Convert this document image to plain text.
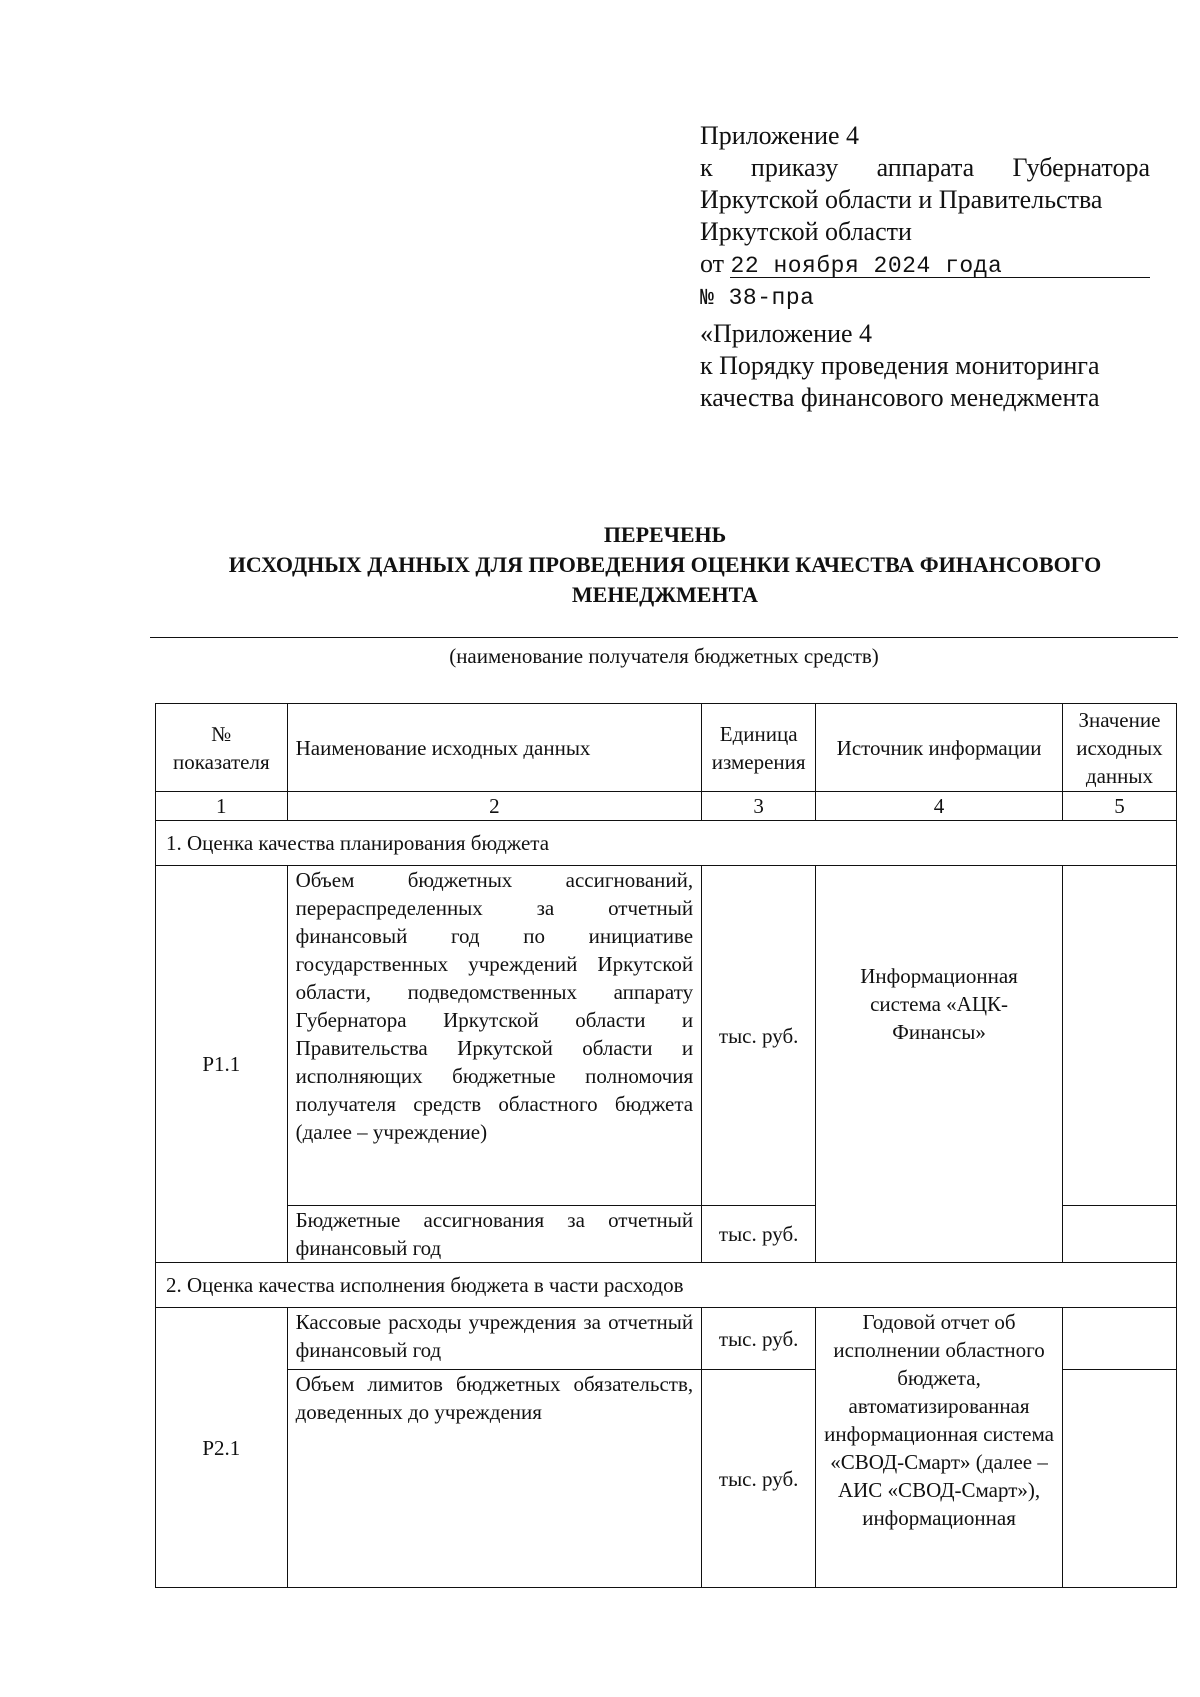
Приложение 4
к приказу аппарата Губернатора
Иркутской области и Правительства
Иркутской области
от 22 ноября 2024 года
№ 38-пра
«Приложение 4
к Порядку проведения мониторинга
качества финансового менеджмента
ПЕРЕЧЕНЬ
ИСХОДНЫХ ДАННЫХ ДЛЯ ПРОВЕДЕНИЯ ОЦЕНКИ КАЧЕСТВА ФИНАНСОВОГО
МЕНЕДЖМЕНТА
(наименование получателя бюджетных средств)
№ показателя	Наименование исходных данных	Единица измерения	Источник информации	Значение исходных данных
1	2	3	4	5
1. Оценка качества планирования бюджета				
P1.1	Объем бюджетных ассигнований, перераспределенных за отчетный финансовый год по инициативе государственных учреждений Иркутской области, подведомственных аппарату Губернатора Иркутской области и Правительства Иркутской области и исполняющих бюджетные полномочия получателя средств областного бюджета (далее – учреждение)	тыс. руб.	Информационная система «АЦК-Финансы»	
	Бюджетные ассигнования за отчетный финансовый год	тыс. руб.		
2. Оценка качества исполнения бюджета в части расходов				
P2.1	Кассовые расходы учреждения за отчетный финансовый год	тыс. руб.	Годовой отчет об исполнении областного бюджета, автоматизированная информационная система «СВОД-Смарт» (далее – АИС «СВОД-Смарт»), информационная	
	Объем лимитов бюджетных обязательств, доведенных до учреждения	тыс. руб.		
